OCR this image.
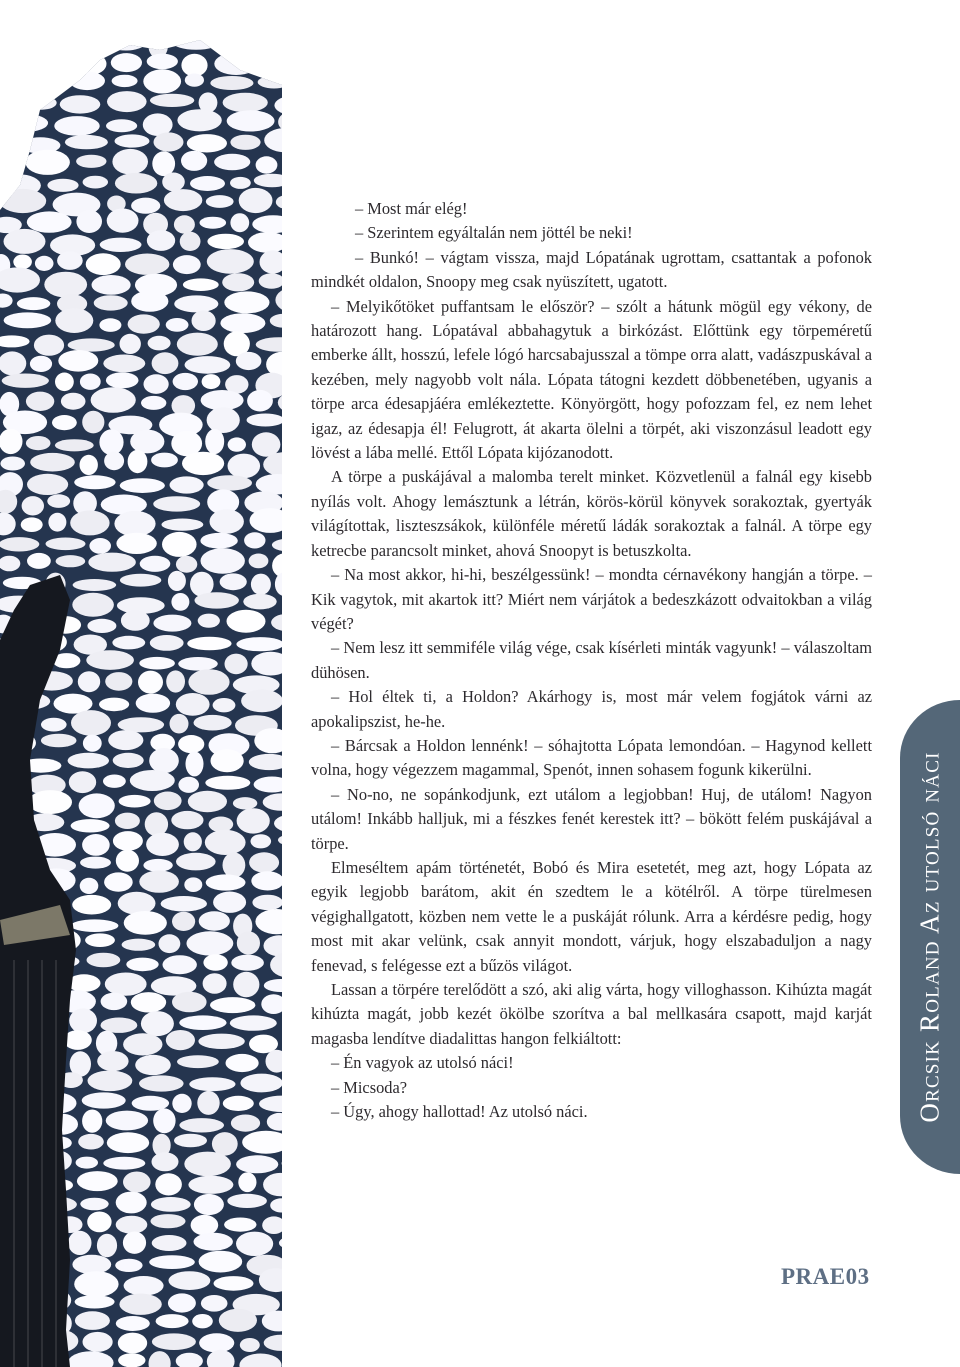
– Most már elég!

– Szerintem egyáltalán nem jöttél be neki!

– Bunkó! – vágtam vissza, majd Lópatának ugrottam, csattantak a pofonok mindkét oldalon, Snoopy meg csak nyüszített, ugatott.

– Melyikőtöket puffantsam le először? – szólt a hátunk mögül egy vékony, de határozott hang. Lópatával abbahagytuk a birkózást. Előttünk egy törpeméretű emberke állt, hosszú, lefele lógó harcsabajusszal a tömpe orra alatt, vadászpuskával a kezében, mely nagyobb volt nála. Lópata tátogni kezdett döbbenetében, ugyanis a törpe arca édesapjáéra emlékeztette. Könyörgött, hogy pofozzam fel, ez nem lehet igaz, az édesapja él! Felugrott, át akarta ölelni a törpét, aki viszonzásul leadott egy lövést a lába mellé. Ettől Lópata kijózanodott.

A törpe a puskájával a malomba terelt minket. Közvetlenül a falnál egy kisebb nyílás volt. Ahogy lemásztunk a létrán, körös-körül könyvek sorakoztak, gyertyák világítottak, liszteszsákok, különféle méretű ládák sorakoztak a falnál. A törpe egy ketrecbe parancsolt minket, ahová Snoopyt is betuszkolta.

– Na most akkor, hi-hi, beszélgessünk! – mondta cérnavékony hangján a törpe. – Kik vagytok, mit akartok itt? Miért nem várjátok a bedeszkázott odvaitokban a világ végét?

– Nem lesz itt semmiféle világ vége, csak kísérleti minták vagyunk! – válaszoltam dühösen.

– Hol éltek ti, a Holdon? Akárhogy is, most már velem fogjátok várni az apokalipszist, he-he.

– Bárcsak a Holdon lennénk! – sóhajtotta Lópata lemondóan. – Hagynod kellett volna, hogy végezzem magammal, Spenót, innen sohasem fogunk kikerülni.

– No-no, ne sopánkodjunk, ezt utálom a legjobban! Huj, de utálom! Nagyon utálom! Inkább halljuk, mi a fészkes fenét kerestek itt? – bökött felém puskájával a törpe.

Elmeséltem apám történetét, Bobó és Mira esetetét, meg azt, hogy Lópata az egyik legjobb barátom, akit én szedtem le a kötélről. A törpe türelmesen végighallgatott, közben nem vette le a puskáját rólunk. Arra a kérdésre pedig, hogy most mit akar velünk, csak annyit mondott, várjuk, hogy elszabaduljon a nagy fenevad, s felégesse ezt a bűzös világot.

Lassan a törpére terelődött a szó, aki alig várta, hogy villoghasson. Kihúzta magát kihúzta magát, jobb kezét ökölbe szorítva a bal mellkasára csapott, majd karját magasba lendítve diadalittas hangon felkiáltott:

– Én vagyok az utolsó náci!

– Micsoda?

– Úgy, ahogy hallottad! Az utolsó náci.	Orcsik Roland Az utolsó náci
PRAE03
